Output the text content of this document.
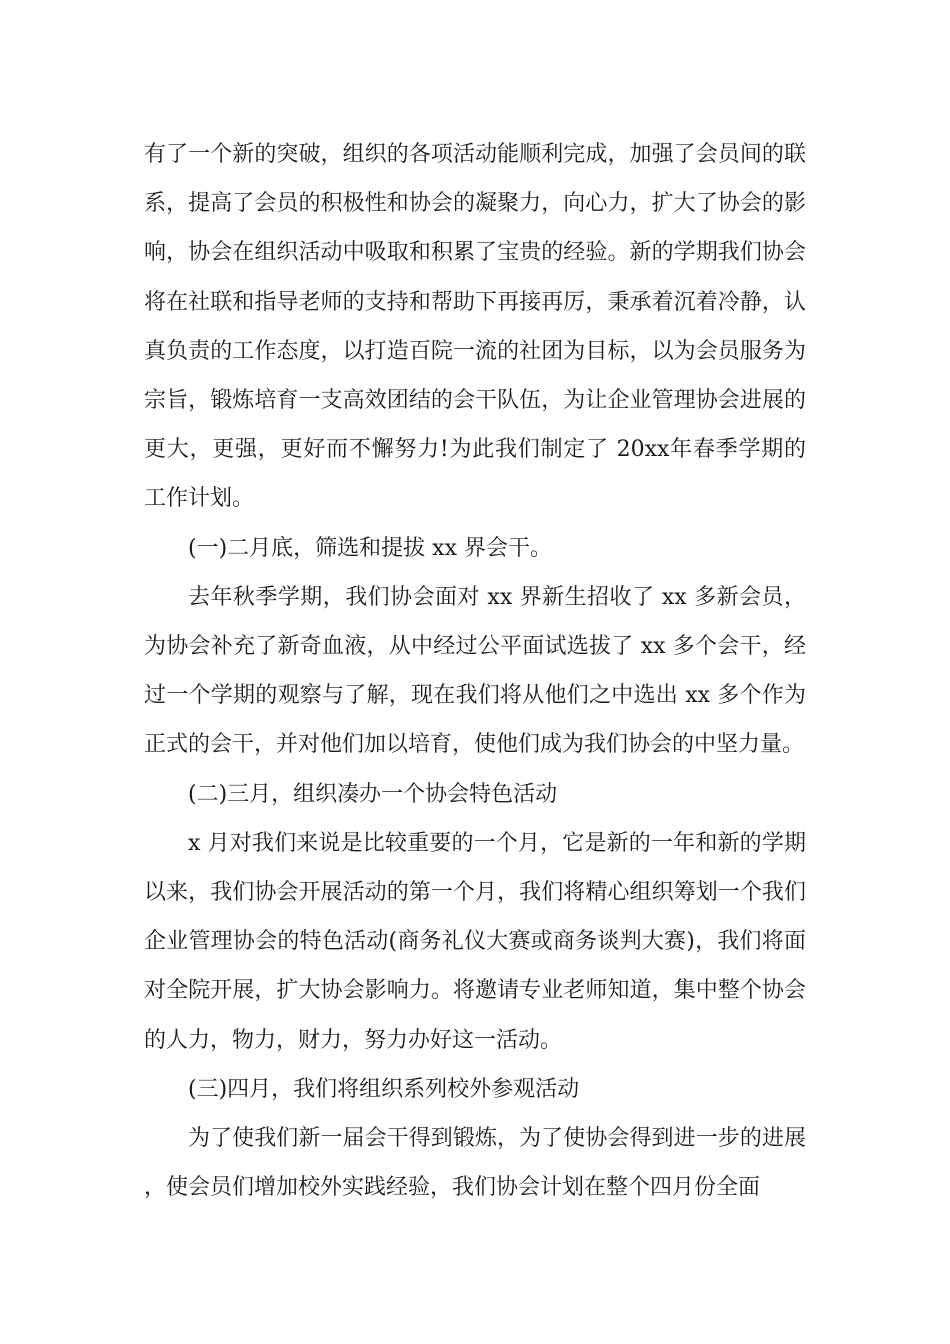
有了一个新的突破，组织的各项活动能顺利完成，加强了会员间的联系，提高了会员的积极性和协会的凝聚力，向心力，扩大了协会的影响，协会在组织活动中吸取和积累了宝贵的经验。新的学期我们协会将在社联和指导老师的支持和帮助下再接再厉，秉承着沉着冷静，认真负责的工作态度，以打造百院一流的社团为目标，以为会员服务为宗旨，锻炼培育一支高效团结的会干队伍，为让企业管理协会进展的更大，更强，更好而不懈努力!为此我们制定了 20xx年春季学期的工作计划。

(一)二月底，筛选和提拔 xx 界会干。

去年秋季学期，我们协会面对 xx 界新生招收了 xx 多新会员，为协会补充了新奇血液，从中经过公平面试选拔了 xx 多个会干，经过一个学期的观察与了解，现在我们将从他们之中选出 xx 多个作为正式的会干，并对他们加以培育，使他们成为我们协会的中坚力量。

(二)三月，组织凑办一个协会特色活动

x 月对我们来说是比较重要的一个月，它是新的一年和新的学期以来，我们协会开展活动的第一个月，我们将精心组织筹划一个我们企业管理协会的特色活动(商务礼仪大赛或商务谈判大赛)，我们将面对全院开展，扩大协会影响力。将邀请专业老师知道，集中整个协会的人力，物力，财力，努力办好这一活动。

(三)四月，我们将组织系列校外参观活动

为了使我们新一届会干得到锻炼，为了使协会得到进一步的进展，使会员们增加校外实践经验，我们协会计划在整个四月份全面
